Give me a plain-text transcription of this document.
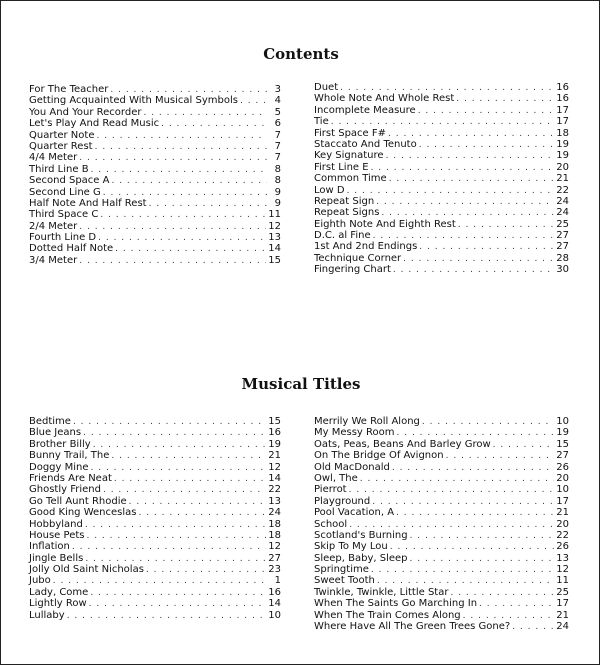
Contents
For The Teacher . . .	3
Getting Acquainted With Musical Symbols . . .	4
You And Your Recorder . . .	5
Let's Play And Read Music . . .	6
Quarter Note . . .	7
Quarter Rest . . .	7
4/4 Meter . . .	7
Third Line B . . .	8
Second Space A . . .	8
Second Line G . . .	9
Half Note And Half Rest . . .	9
Third Space C . . .	11
2/4 Meter . . .	12
Fourth Line D . . .	13
Dotted Half Note . . .	14
3/4 Meter . . .	15
Duet . . .	16
Whole Note And Whole Rest . . .	16
Incomplete Measure . . .	17
Tie . . .	17
First Space F# . . .	18
Staccato And Tenuto . . .	19
Key Signature . . .	19
First Line E . . .	20
Common Time . . .	21
Low D . . .	22
Repeat Sign . . .	24
Repeat Signs . . .	24
Eighth Note And Eighth Rest . . .	25
D.C. al Fine . . .	27
1st And 2nd Endings . . .	27
Technique Corner . . .	28
Fingering Chart . . .	30
Musical Titles
Bedtime . . .	15
Blue Jeans . . .	16
Brother Billy . . .	19
Bunny Trail, The . . .	21
Doggy Mine . . .	12
Friends Are Neat . . .	14
Ghostly Friend . . .	22
Go Tell Aunt Rhodie . . .	13
Good King Wenceslas . . .	24
Hobbyland . . .	18
House Pets . . .	18
Inflation . . .	12
Jingle Bells . . .	27
Jolly Old Saint Nicholas . . .	23
Jubo . . .	1
Lady, Come . . .	16
Lightly Row . . .	14
Lullaby . . .	10
Merrily We Roll Along . . .	10
My Messy Room . . .	19
Oats, Peas, Beans And Barley Grow . . .	15
On The Bridge Of Avignon . . .	27
Old MacDonald . . .	26
Owl, The . . .	20
Pierrot . . .	10
Playground . . .	17
Pool Vacation, A . . .	21
School . . .	20
Scotland's Burning . . .	22
Skip To My Lou . . .	26
Sleep, Baby, Sleep . . .	13
Springtime . . .	12
Sweet Tooth . . .	11
Twinkle, Twinkle, Little Star . . .	25
When The Saints Go Marching In . . .	17
When The Train Comes Along . . .	21
Where Have All The Green Trees Gone? . . .	24
